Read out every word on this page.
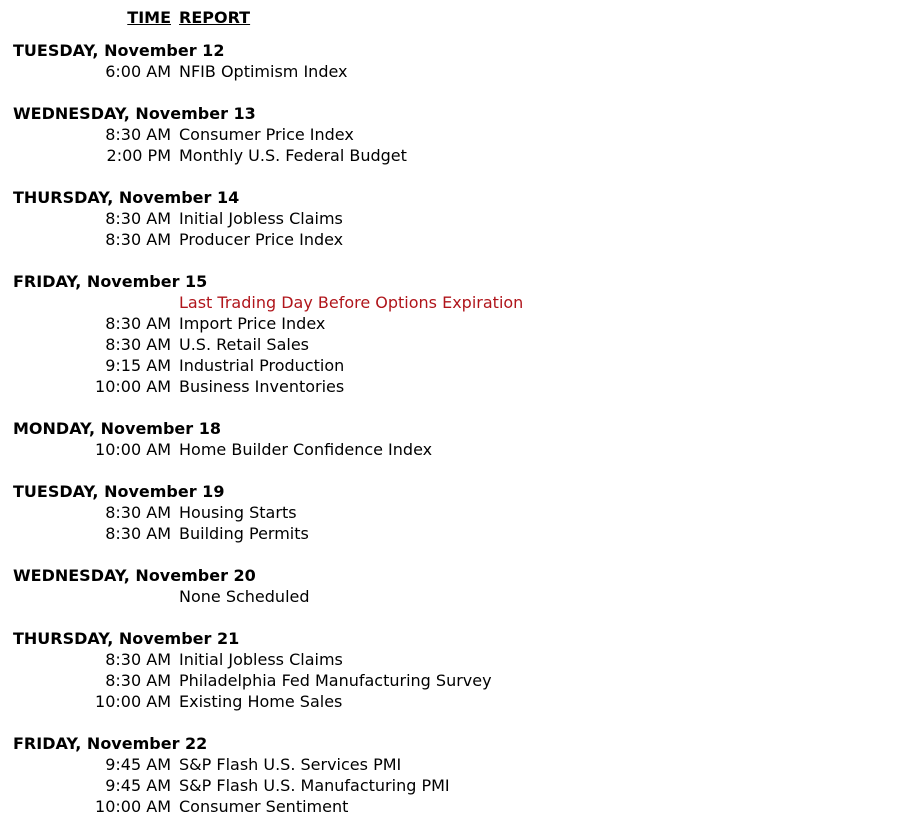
TIME REPORT
TUESDAY, November 12
6:00 AM NFIB Optimism Index
WEDNESDAY, November 13
8:30 AM Consumer Price Index
2:00 PM Monthly U.S. Federal Budget
THURSDAY, November 14
8:30 AM Initial Jobless Claims
8:30 AM Producer Price Index
FRIDAY, November 15
Last Trading Day Before Options Expiration
8:30 AM Import Price Index
8:30 AM U.S. Retail Sales
9:15 AM Industrial Production
10:00 AM Business Inventories
MONDAY, November 18
10:00 AM Home Builder Confidence Index
TUESDAY, November 19
8:30 AM Housing Starts
8:30 AM Building Permits
WEDNESDAY, November 20
None Scheduled
THURSDAY, November 21
8:30 AM Initial Jobless Claims
8:30 AM Philadelphia Fed Manufacturing Survey
10:00 AM Existing Home Sales
FRIDAY, November 22
9:45 AM S&P Flash U.S. Services PMI
9:45 AM S&P Flash U.S. Manufacturing PMI
10:00 AM Consumer Sentiment
